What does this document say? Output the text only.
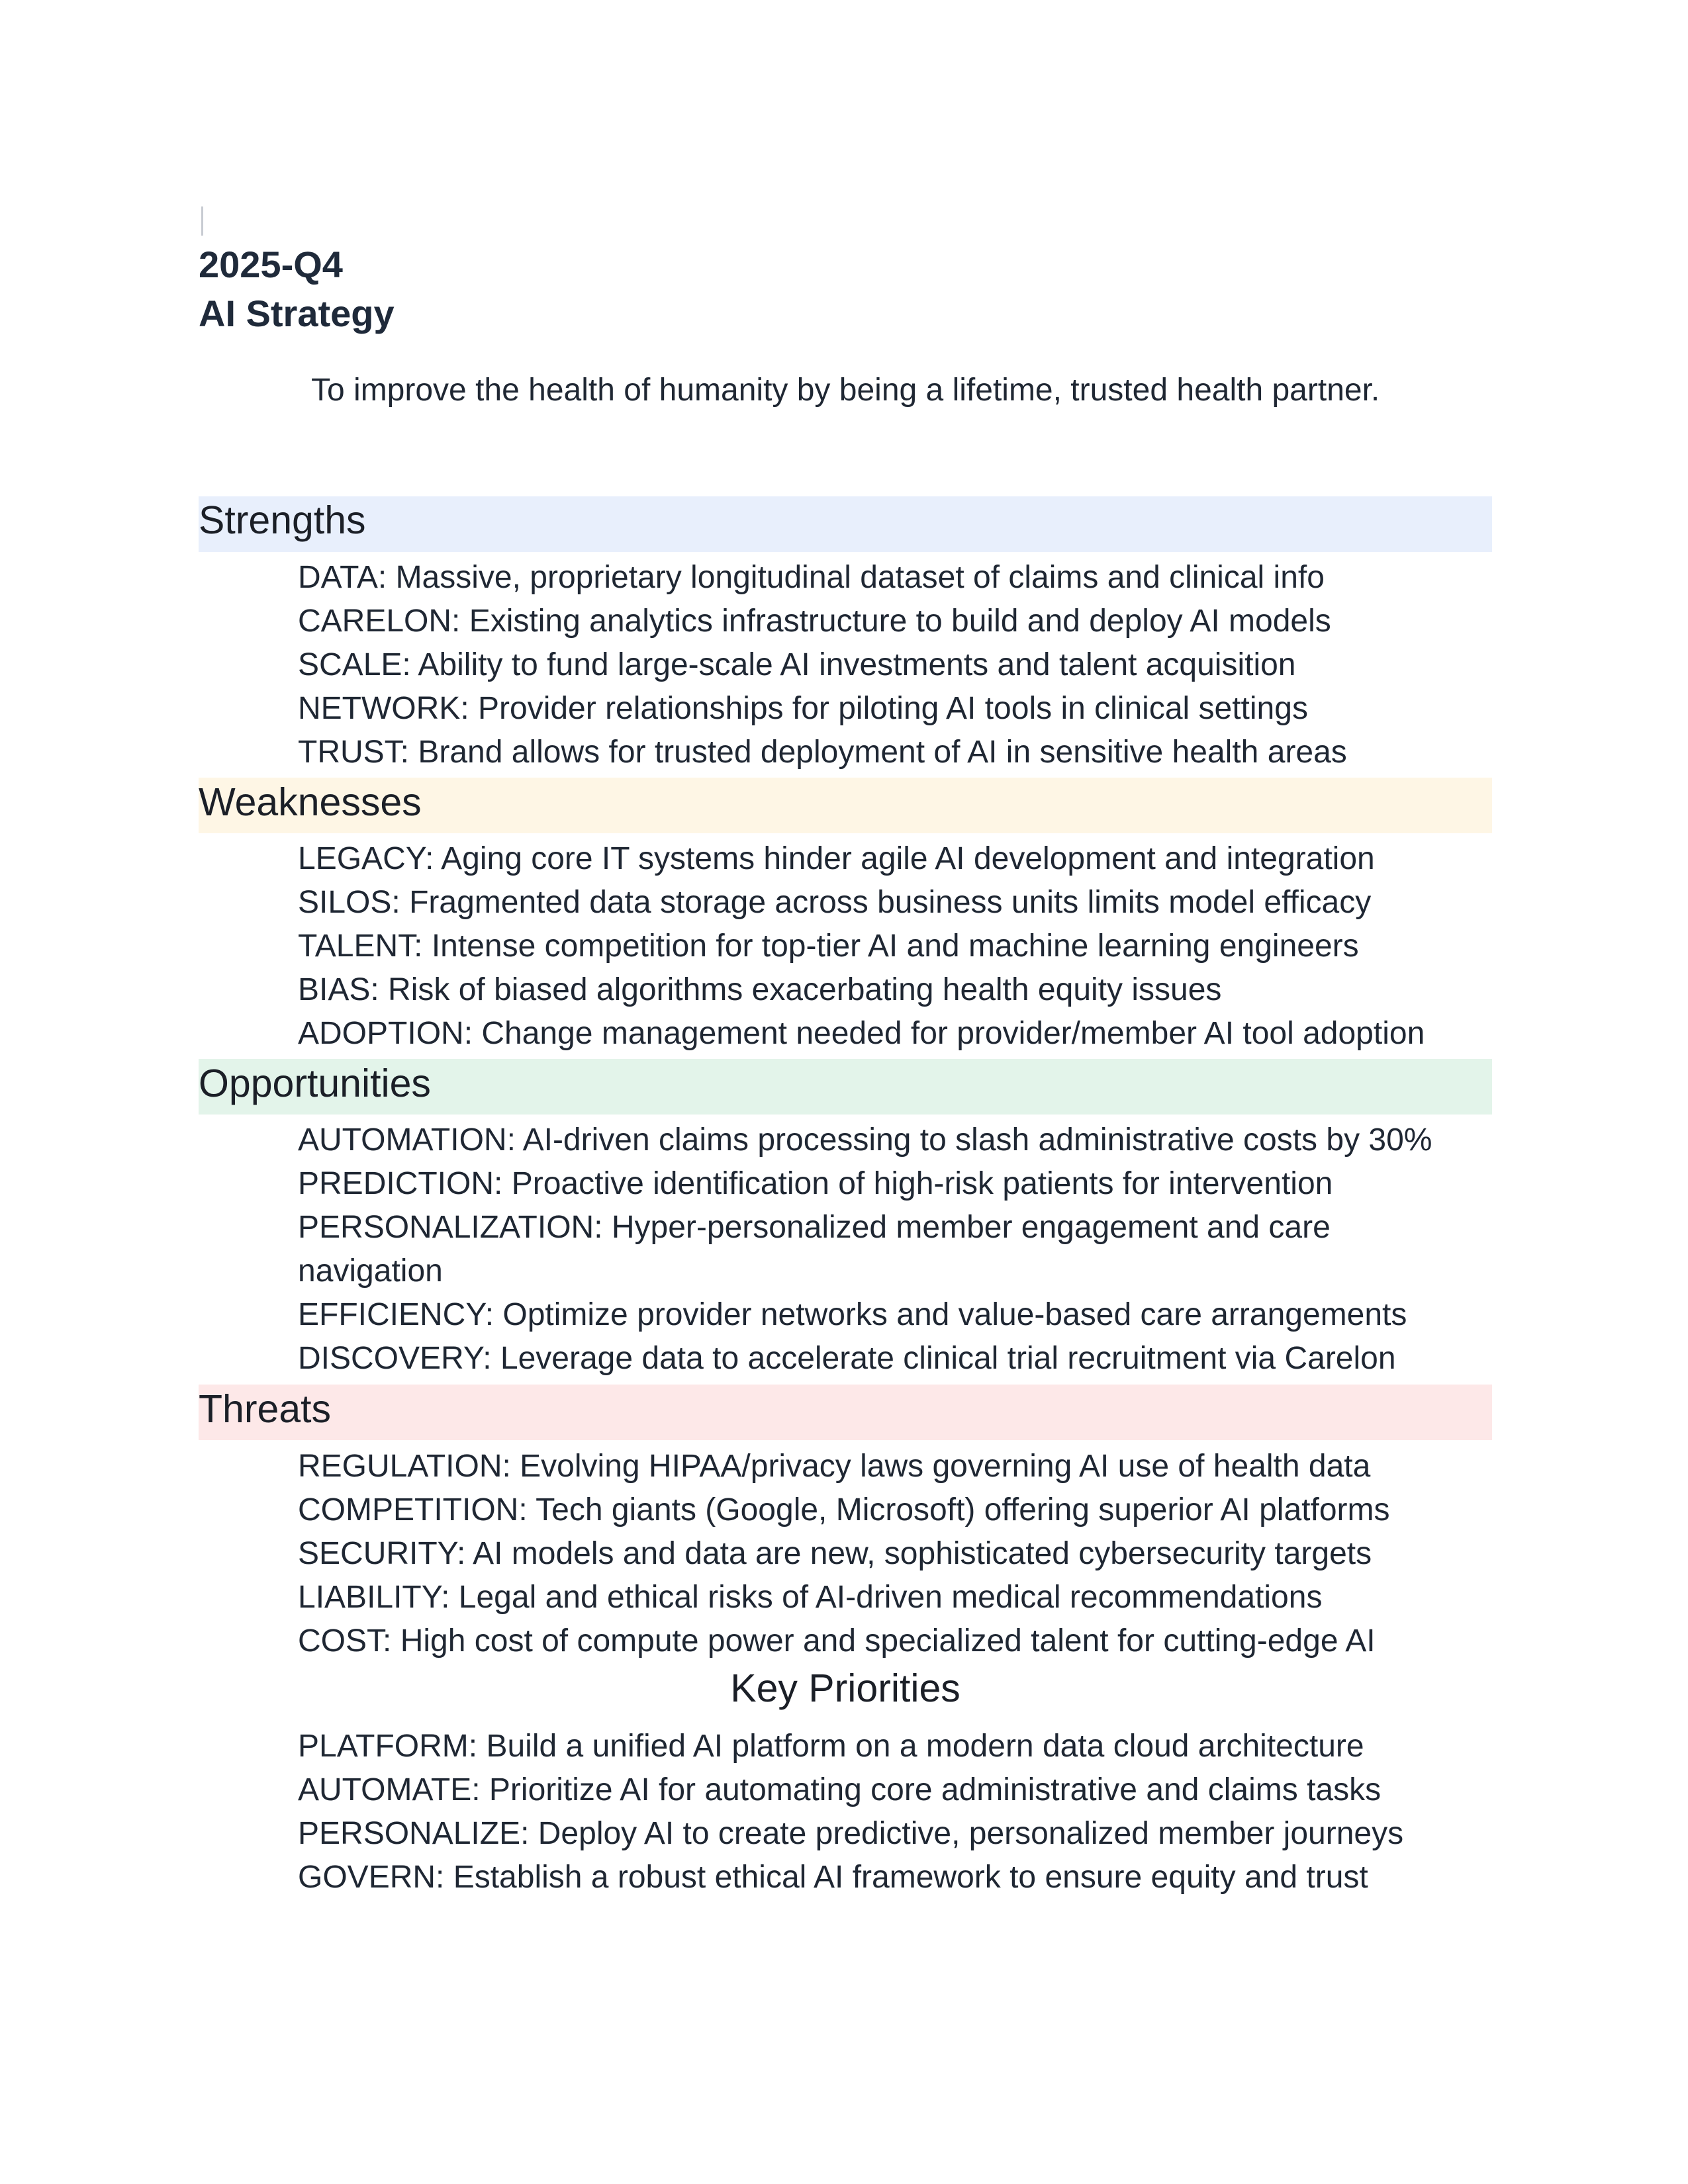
2025-Q4
AI Strategy
To improve the health of humanity by being a lifetime, trusted health partner.
Strengths
DATA: Massive, proprietary longitudinal dataset of claims and clinical info
CARELON: Existing analytics infrastructure to build and deploy AI models
SCALE: Ability to fund large-scale AI investments and talent acquisition
NETWORK: Provider relationships for piloting AI tools in clinical settings
TRUST: Brand allows for trusted deployment of AI in sensitive health areas
Weaknesses
LEGACY: Aging core IT systems hinder agile AI development and integration
SILOS: Fragmented data storage across business units limits model efficacy
TALENT: Intense competition for top-tier AI and machine learning engineers
BIAS: Risk of biased algorithms exacerbating health equity issues
ADOPTION: Change management needed for provider/member AI tool adoption
Opportunities
AUTOMATION: AI-driven claims processing to slash administrative costs by 30%
PREDICTION: Proactive identification of high-risk patients for intervention
PERSONALIZATION: Hyper-personalized member engagement and care navigation
EFFICIENCY: Optimize provider networks and value-based care arrangements
DISCOVERY: Leverage data to accelerate clinical trial recruitment via Carelon
Threats
REGULATION: Evolving HIPAA/privacy laws governing AI use of health data
COMPETITION: Tech giants (Google, Microsoft) offering superior AI platforms
SECURITY: AI models and data are new, sophisticated cybersecurity targets
LIABILITY: Legal and ethical risks of AI-driven medical recommendations
COST: High cost of compute power and specialized talent for cutting-edge AI
Key Priorities
PLATFORM: Build a unified AI platform on a modern data cloud architecture
AUTOMATE: Prioritize AI for automating core administrative and claims tasks
PERSONALIZE: Deploy AI to create predictive, personalized member journeys
GOVERN: Establish a robust ethical AI framework to ensure equity and trust
